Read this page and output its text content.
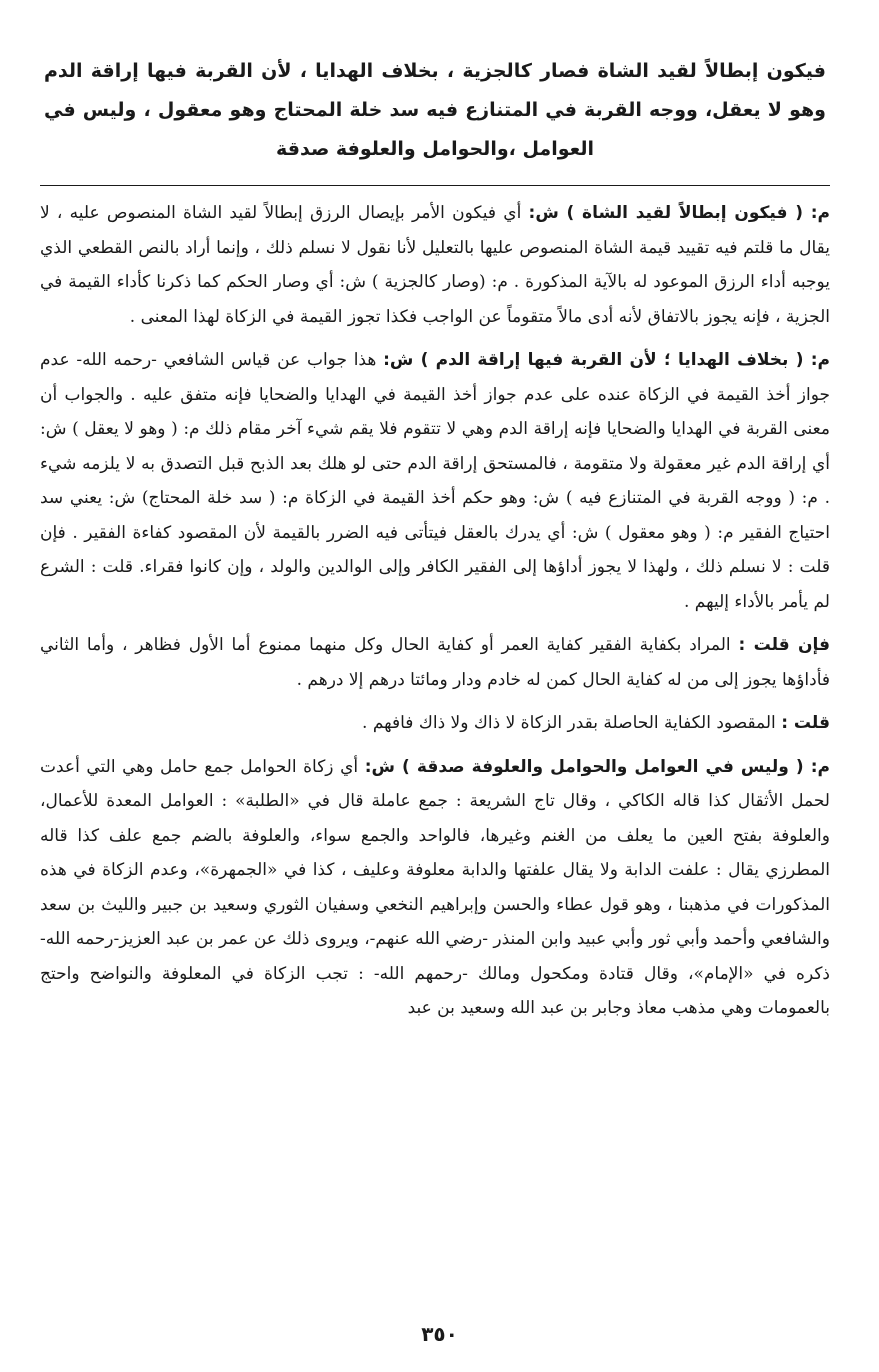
فيكون إبطالاً لقيد الشاة فصار كالجزية ، بخلاف الهدايا ، لأن القربة فيها إراقة الدم وهو لا يعقل، ووجه القربة في المتنازع فيه سد خلة المحتاج وهو معقول ، وليس في العوامل ،والحوامل والعلوفة صدقة

م: ( فيكون إبطالاً لقيد الشاة ) ش: أي فيكون الأمر بإيصال الرزق إبطالاً لقيد الشاة المنصوص عليه ، لا يقال ما قلتم فيه تقييد قيمة الشاة المنصوص عليها بالتعليل لأنا نقول لا نسلم ذلك ، وإنما أراد بالنص القطعي الذي يوجبه أداء الرزق الموعود له بالآية المذكورة . م: (وصار كالجزية ) ش: أي وصار الحكم كما ذكرنا كأداء القيمة في الجزية ، فإنه يجوز بالاتفاق لأنه أدى مالاً متقوماً عن الواجب فكذا تجوز القيمة في الزكاة لهذا المعنى .

م: ( بخلاف الهدايا ؛ لأن القربة فيها إراقة الدم ) ش: هذا جواب عن قياس الشافعي -رحمه الله- عدم جواز أخذ القيمة في الزكاة عنده على عدم جواز أخذ القيمة في الهدايا والضحايا فإنه متفق عليه . والجواب أن معنى القربة في الهدايا والضحايا فإنه إراقة الدم وهي لا تتقوم فلا يقم شيء آخر مقام ذلك م: ( وهو لا يعقل ) ش: أي إراقة الدم غير معقولة ولا متقومة ، فالمستحق إراقة الدم حتى لو هلك بعد الذبح قبل التصدق به لا يلزمه شيء . م: ( ووجه القربة في المتنازع فيه ) ش: وهو حكم أخذ القيمة في الزكاة م: ( سد خلة المحتاج) ش: يعني سد احتياج الفقير م: ( وهو معقول ) ش: أي يدرك بالعقل فيتأتى فيه الضرر بالقيمة لأن المقصود كفاءة الفقير . فإن قلت : لا نسلم ذلك ، ولهذا لا يجوز أداؤها إلى الفقير الكافر وإلى الوالدين والولد ، وإن كانوا فقراء. قلت : الشرع لم يأمر بالأداء إليهم .

فإن قلت : المراد بكفاية الفقير كفاية العمر أو كفاية الحال وكل منهما ممنوع أما الأول فظاهر ، وأما الثاني فأداؤها يجوز إلى من له كفاية الحال كمن له خادم ودار ومائتا درهم إلا درهم .

قلت : المقصود الكفاية الحاصلة بقدر الزكاة لا ذاك ولا ذاك فافهم .

م: ( وليس في العوامل والحوامل والعلوفة صدقة ) ش: أي زكاة الحوامل جمع حامل وهي التي أعدت لحمل الأثقال كذا قاله الكاكي ، وقال تاج الشريعة : جمع عاملة قال في «الطلبة» : العوامل المعدة للأعمال، والعلوفة بفتح العين ما يعلف من الغنم وغيرها، فالواحد والجمع سواء، والعلوفة بالضم جمع علف كذا قاله المطرزي يقال : علفت الدابة ولا يقال علفتها والدابة معلوفة وعليف ، كذا في «الجمهرة»، وعدم الزكاة في هذه المذكورات في مذهبنا ، وهو قول عطاء والحسن وإبراهيم النخعي وسفيان الثوري وسعيد بن جبير والليث بن سعد والشافعي وأحمد وأبي ثور وأبي عبيد وابن المنذر -رضي الله عنهم-، ويروى ذلك عن عمر بن عبد العزيز-رحمه الله- ذكره في «الإمام»، وقال قتادة ومكحول ومالك -رحمهم الله- : تجب الزكاة في المعلوفة والنواضح واحتج بالعمومات وهي مذهب معاذ وجابر بن عبد الله وسعيد بن عبد

٣٥٠
